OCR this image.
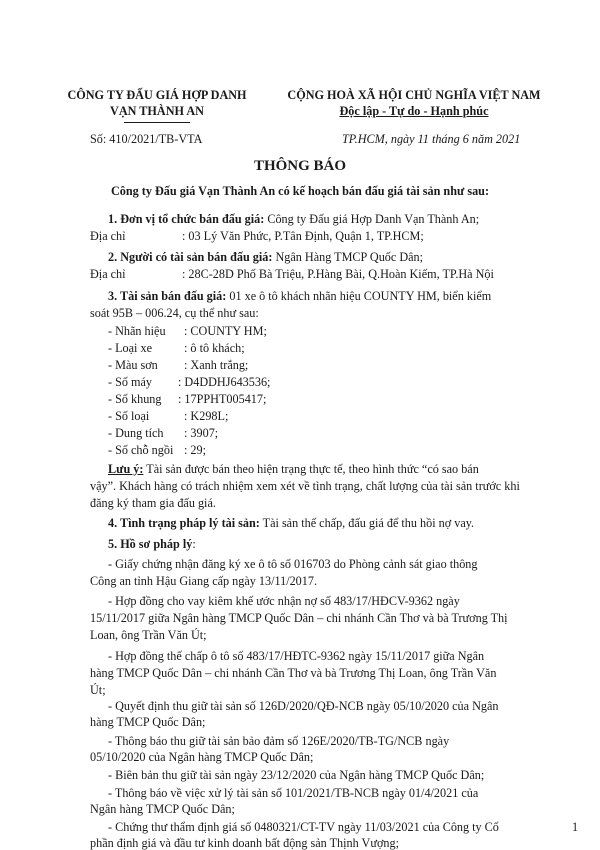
CÔNG TY ĐẤU GIÁ HỢP DANH
VẠN THÀNH AN
CỘNG HOÀ XÃ HỘI CHỦ NGHĨA VIỆT NAM
Độc lập - Tự do - Hạnh phúc
Số: 410/2021/TB-VTA	TP.HCM, ngày 11 tháng 6 năm 2021
THÔNG BÁO
Công ty Đấu giá Vạn Thành An có kế hoạch bán đấu giá tài sản như sau:
1. Đơn vị tổ chức bán đấu giá: Công ty Đấu giá Hợp Danh Vạn Thành An;
Địa chỉ	: 03 Lý Văn Phức, P.Tân Định, Quận 1, TP.HCM;
2. Người có tài sản bán đấu giá: Ngân Hàng TMCP Quốc Dân;
Địa chỉ	: 28C-28D Phố Bà Triệu, P.Hàng Bài, Q.Hoàn Kiếm, TP.Hà Nội
3. Tài sản bán đấu giá: 01 xe ô tô khách nhãn hiệu COUNTY HM, biển kiểm
soát 95B – 006.24, cụ thể như sau:
- Nhãn hiệu : COUNTY HM;
- Loại xe	: ô tô khách;
- Màu sơn : Xanh trắng;
- Số máy : D4DDHJ643536;
- Số khung : 17PPHT005417;
- Số loại	: K298L;
- Dung tích : 3907;
- Số chỗ ngồi : 29;
Lưu ý: Tài sản được bán theo hiện trạng thực tế, theo hình thức “có sao bán
vậy”. Khách hàng có trách nhiệm xem xét về tình trạng, chất lượng của tài sản trước khi
đăng ký tham gia đấu giá.
4. Tình trạng pháp lý tài sản: Tài sản thế chấp, đấu giá để thu hồi nợ vay.
5. Hồ sơ pháp lý:
- Giấy chứng nhận đăng ký xe ô tô số 016703 do Phòng cảnh sát giao thông
Công an tỉnh Hậu Giang cấp ngày 13/11/2017.
- Hợp đồng cho vay kiêm khế ước nhận nợ số 483/17/HĐCV-9362 ngày
15/11/2017 giữa Ngân hàng TMCP Quốc Dân – chi nhánh Cần Thơ và bà Trương Thị
Loan, ông Trần Văn Út;
- Hợp đồng thế chấp ô tô số 483/17/HĐTC-9362 ngày 15/11/2017 giữa Ngân
hàng TMCP Quốc Dân – chi nhánh Cần Thơ và bà Trương Thị Loan, ông Trần Văn
Út;
- Quyết định thu giữ tài sản số 126D/2020/QĐ-NCB ngày 05/10/2020 của Ngân
hàng TMCP Quốc Dân;
- Thông báo thu giữ tài sản bảo đảm số 126E/2020/TB-TG/NCB ngày
05/10/2020 của Ngân hàng TMCP Quốc Dân;
- Biên bản thu giữ tài sản ngày 23/12/2020 của Ngân hàng TMCP Quốc Dân;
- Thông báo về việc xử lý tài sản số 101/2021/TB-NCB ngày 01/4/2021 của
Ngân hàng TMCP Quốc Dân;
- Chứng thư thẩm định giá số 0480321/CT-TV ngày 11/03/2021 của Công ty Cổ
phần định giá và đầu tư kinh doanh bất động sản Thịnh Vượng;
1
